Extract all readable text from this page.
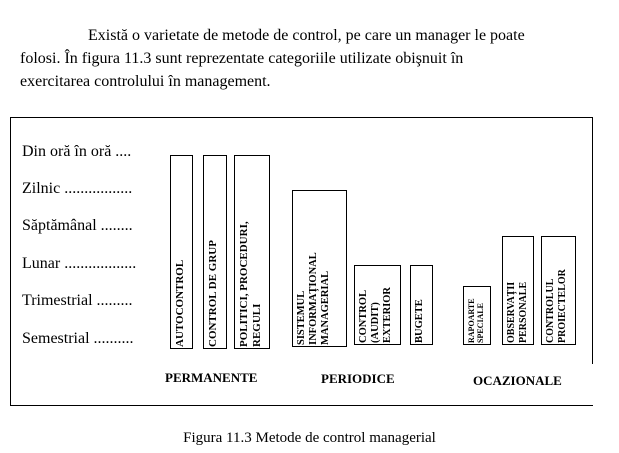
Există o varietate de metode de control, pe care un manager le poate
folosi. În figura 11.3 sunt reprezentate categoriile utilizate obişnuit în
exercitarea controlului în management.
Din oră în oră ....
Zilnic .................
Săptămânal ........
Lunar ..................
Trimestrial .........
Semestrial ..........	AUTOCONTROL CONTROL DE GRUP POLITICI, PROCEDURI, REGULI	SISTEMUL INFORMAŢIONAL MANAGERIAL	CONTROL (AUDIT) EXTERIOR BUGETE	RAPOARTE SPECIALE OBSERVAŢII PERSONALE CONTROLUL PROIECTELOR
PERMANENTE	PERIODICE	OCAZIONALE
Figura 11.3 Metode de control managerial
